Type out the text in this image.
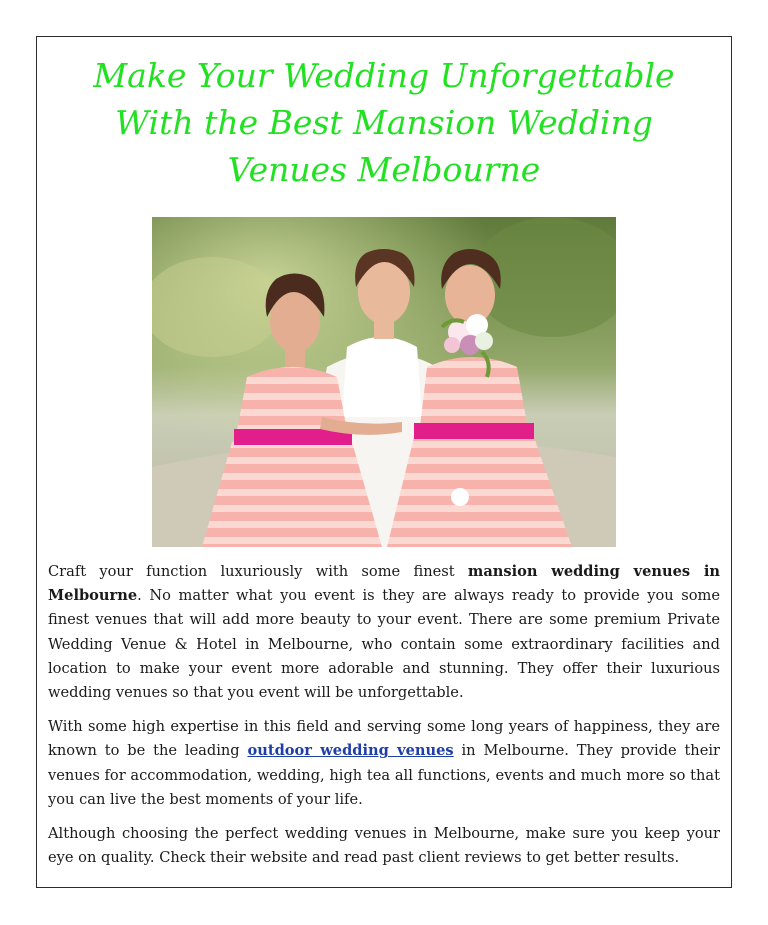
Make Your Wedding Unforgettable
With the Best Mansion Wedding
Venues Melbourne

Craft your function luxuriously with some finest mansion wedding venues in Melbourne. No matter what you event is they are always ready to provide you some finest venues that will add more beauty to your event. There are some premium Private Wedding Venue & Hotel in Melbourne, who contain some extraordinary facilities and location to make your event more adorable and stunning. They offer their luxurious wedding venues so that you event will be unforgettable.

With some high expertise in this field and serving some long years of happiness, they are known to be the leading outdoor wedding venues in Melbourne. They provide their venues for accommodation, wedding, high tea all functions, events and much more so that you can live the best moments of your life.

Although choosing the perfect wedding venues in Melbourne, make sure you keep your eye on quality. Check their website and read past client reviews to get better results.
